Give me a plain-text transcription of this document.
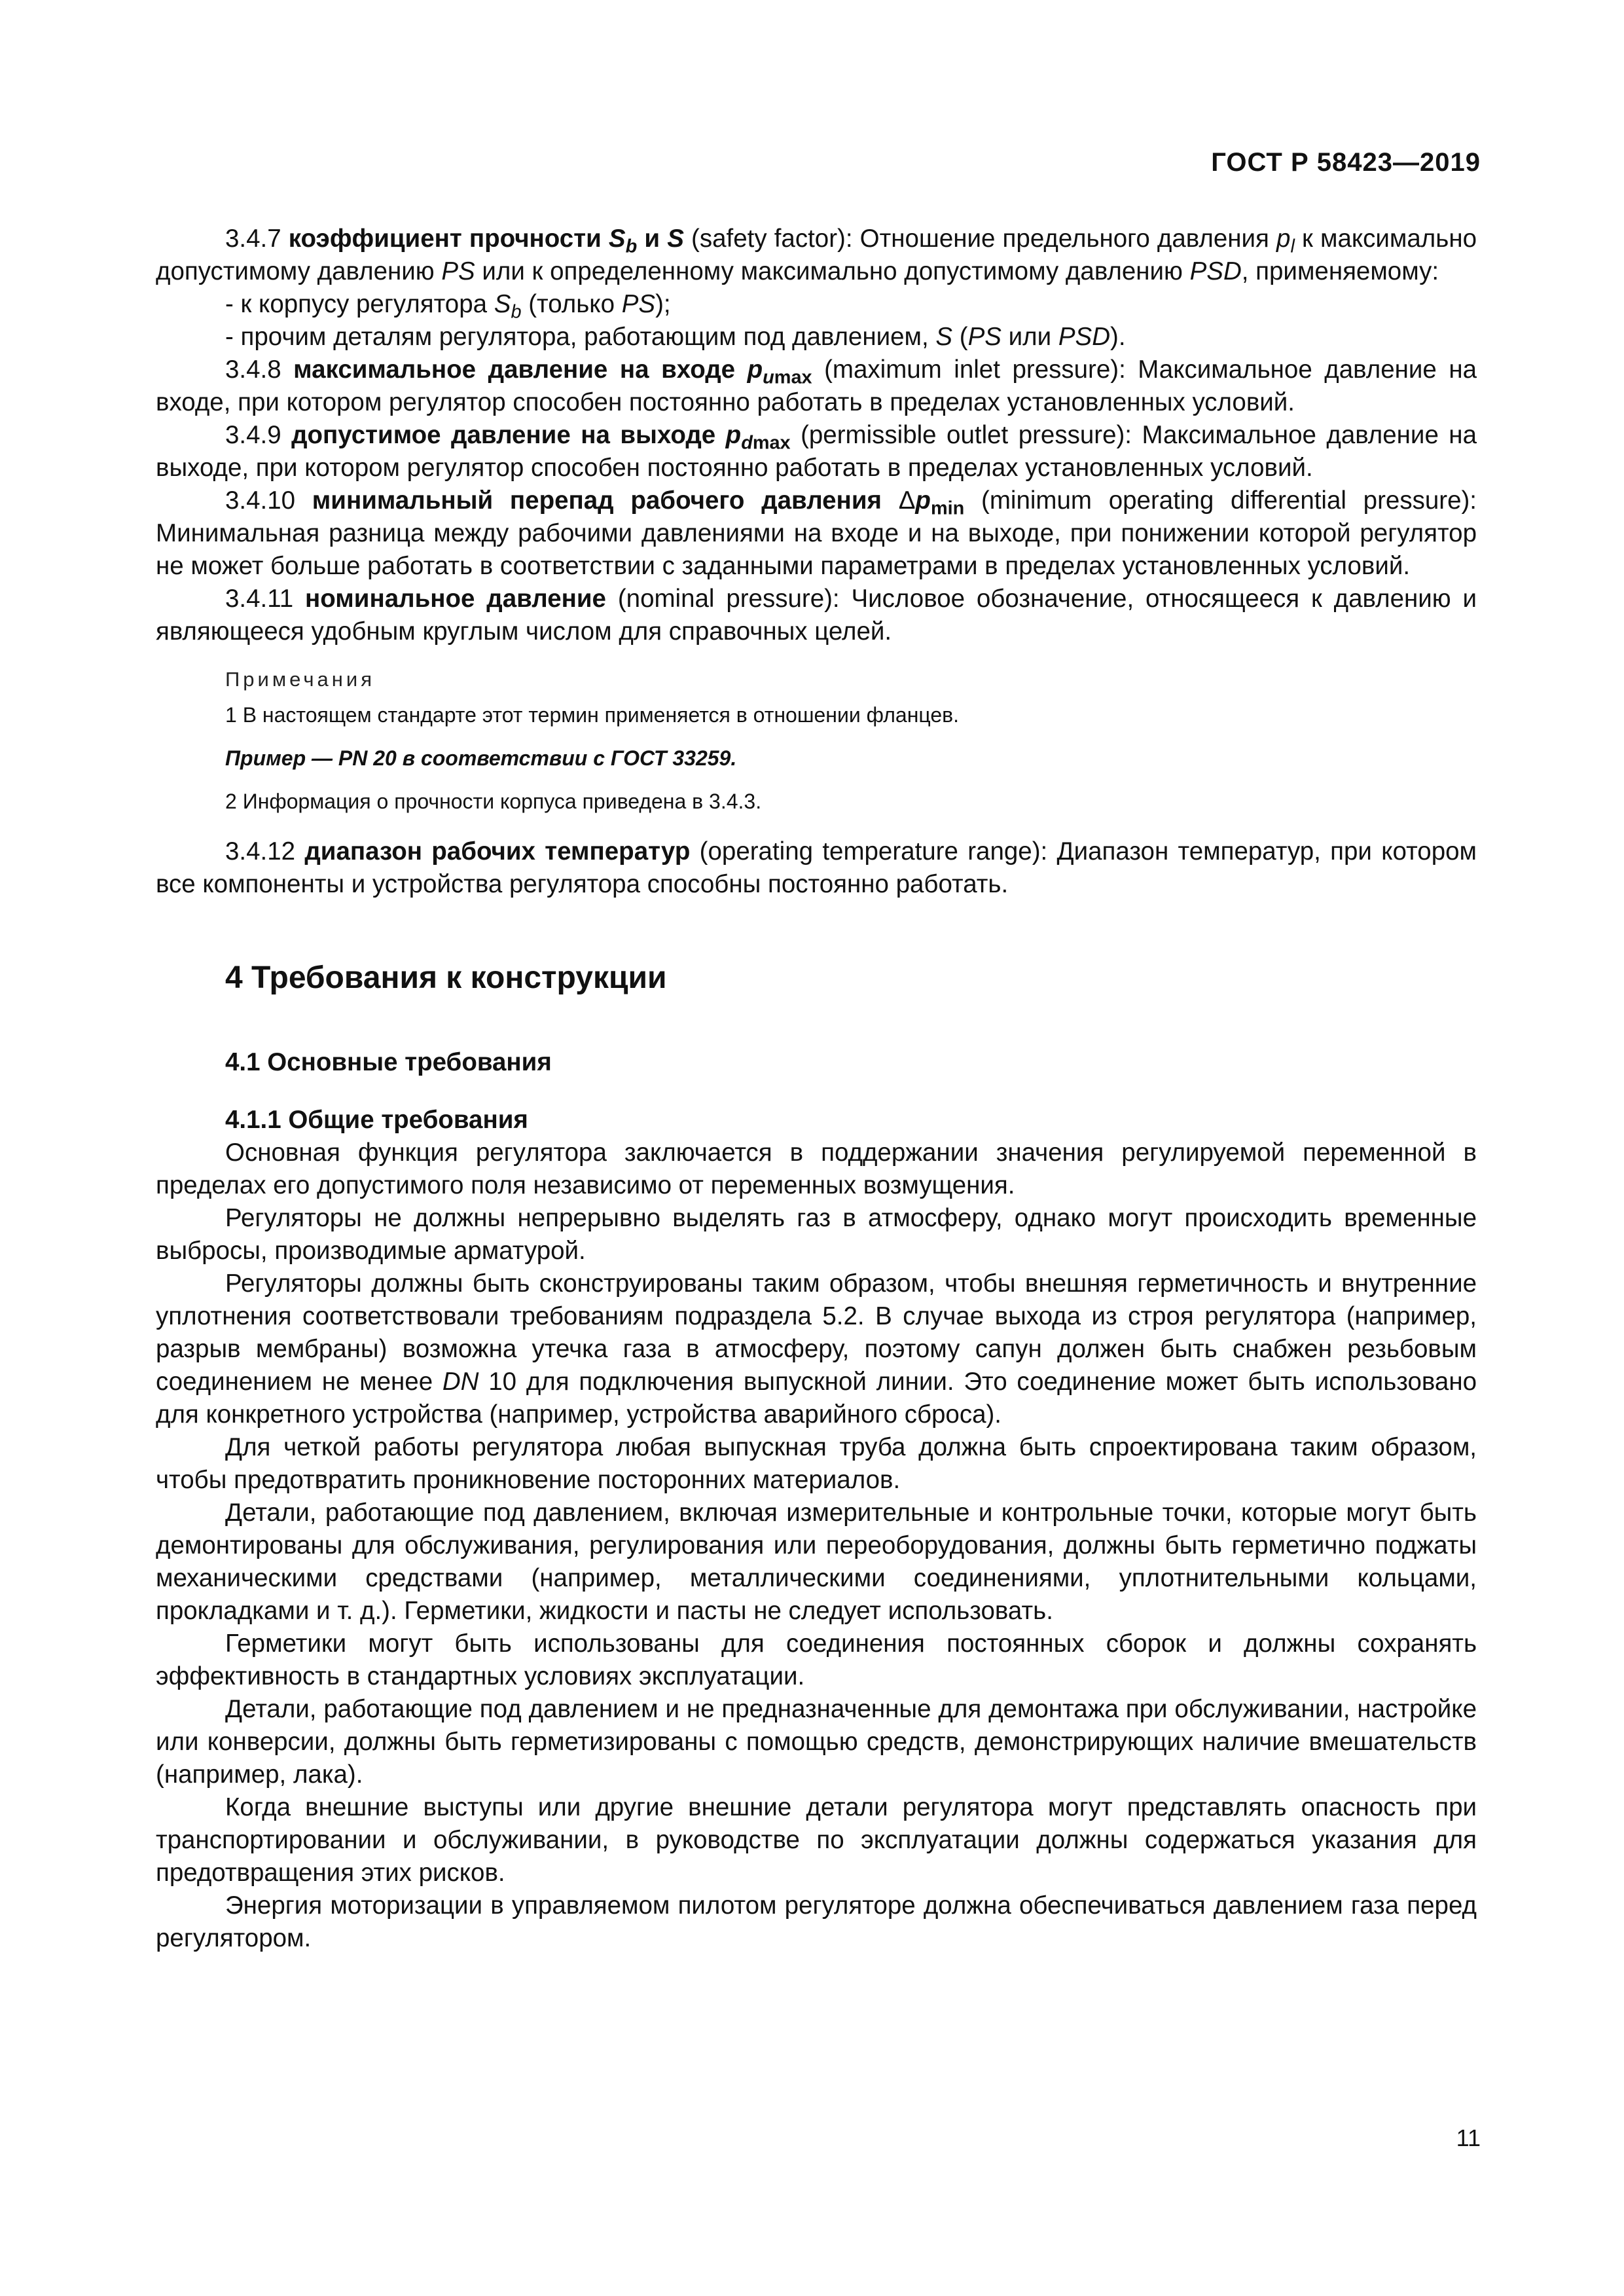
ГОСТ Р 58423—2019

3.4.7 коэффициент прочности $S_b$ и S (safety factor): Отношение предельного давления $p_l$ к максимально допустимому давлению PS или к определенному максимально допустимому давлению PSD, применяемому:

- к корпусу регулятора $S_b$ (только PS);

- прочим деталям регулятора, работающим под давлением, S (PS или PSD).

3.4.8 максимальное давление на входе $p_{umax}$ (maximum inlet pressure): Максимальное давление на входе, при котором регулятор способен постоянно работать в пределах установленных условий.

3.4.9 допустимое давление на выходе $p_{dmax}$ (permissible outlet pressure): Максимальное давление на выходе, при котором регулятор способен постоянно работать в пределах установленных условий.

3.4.10 минимальный перепад рабочего давления $\Delta p_{min}$ (minimum operating differential pressure): Минимальная разница между рабочими давлениями на входе и на выходе, при понижении которой регулятор не может больше работать в соответствии с заданными параметрами в пределах установленных условий.

3.4.11 номинальное давление (nominal pressure): Числовое обозначение, относящееся к давлению и являющееся удобным круглым числом для справочных целей.

Примечания
1 В настоящем стандарте этот термин применяется в отношении фланцев.
Пример — PN 20 в соответствии с ГОСТ 33259.
2 Информация о прочности корпуса приведена в 3.4.3.

3.4.12 диапазон рабочих температур (operating temperature range): Диапазон температур, при котором все компоненты и устройства регулятора способны постоянно работать.

4 Требования к конструкции
4.1 Основные требования
4.1.1 Общие требования

Основная функция регулятора заключается в поддержании значения регулируемой переменной в пределах его допустимого поля независимо от переменных возмущения.

Регуляторы не должны непрерывно выделять газ в атмосферу, однако могут происходить временные выбросы, производимые арматурой.

Регуляторы должны быть сконструированы таким образом, чтобы внешняя герметичность и внутренние уплотнения соответствовали требованиям подраздела 5.2. В случае выхода из строя регулятора (например, разрыв мембраны) возможна утечка газа в атмосферу, поэтому сапун должен быть снабжен резьбовым соединением не менее DN 10 для подключения выпускной линии. Это соединение может быть использовано для конкретного устройства (например, устройства аварийного сброса).

Для четкой работы регулятора любая выпускная труба должна быть спроектирована таким образом, чтобы предотвратить проникновение посторонних материалов.

Детали, работающие под давлением, включая измерительные и контрольные точки, которые могут быть демонтированы для обслуживания, регулирования или переоборудования, должны быть герметично поджаты механическими средствами (например, металлическими соединениями, уплотнительными кольцами, прокладками и т. д.). Герметики, жидкости и пасты не следует использовать.

Герметики могут быть использованы для соединения постоянных сборок и должны сохранять эффективность в стандартных условиях эксплуатации.

Детали, работающие под давлением и не предназначенные для демонтажа при обслуживании, настройке или конверсии, должны быть герметизированы с помощью средств, демонстрирующих наличие вмешательств (например, лака).

Когда внешние выступы или другие внешние детали регулятора могут представлять опасность при транспортировании и обслуживании, в руководстве по эксплуатации должны содержаться указания для предотвращения этих рисков.

Энергия моторизации в управляемом пилотом регуляторе должна обеспечиваться давлением газа перед регулятором.

11
